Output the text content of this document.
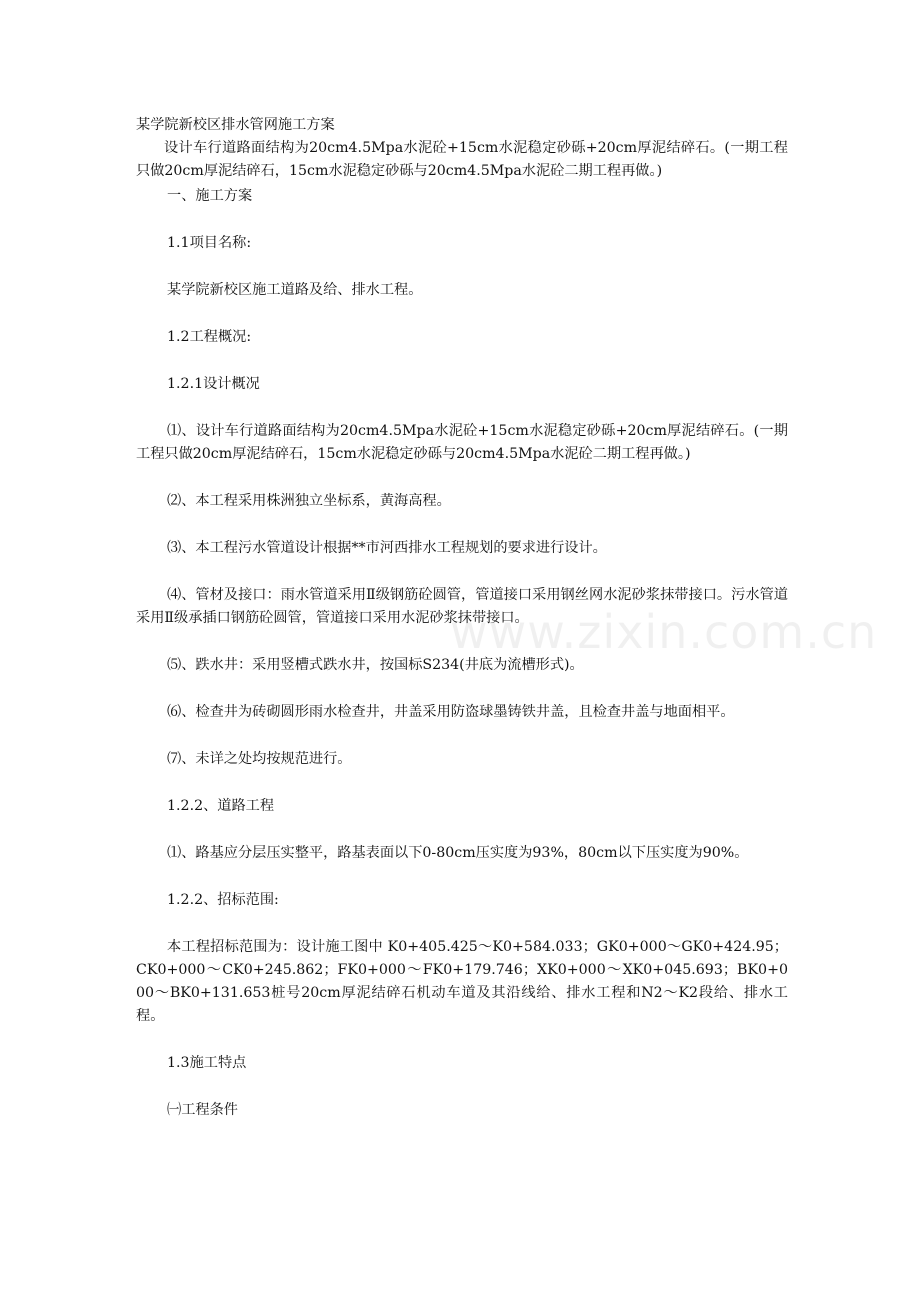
www.zixin.com.cn

某学院新校区排水管网施工方案

设计车行道路面结构为20cm4.5Mpa水泥砼+15cm水泥稳定砂砾+20cm厚泥结碎石。(一期工程只做20cm厚泥结碎石，15cm水泥稳定砂砾与20cm4.5Mpa水泥砼二期工程再做。)

一、施工方案

1.1项目名称:

某学院新校区施工道路及给、排水工程。

1.2工程概况:

1.2.1设计概况

⑴、设计车行道路面结构为20cm4.5Mpa水泥砼+15cm水泥稳定砂砾+20cm厚泥结碎石。(一期工程只做20cm厚泥结碎石，15cm水泥稳定砂砾与20cm4.5Mpa水泥砼二期工程再做。)

⑵、本工程采用株洲独立坐标系，黄海高程。

⑶、本工程污水管道设计根据**市河西排水工程规划的要求进行设计。

⑷、管材及接口：雨水管道采用Ⅱ级钢筋砼圆管，管道接口采用钢丝网水泥砂浆抹带接口。污水管道采用Ⅱ级承插口钢筋砼圆管，管道接口采用水泥砂浆抹带接口。

⑸、跌水井：采用竖槽式跌水井，按国标S234(井底为流槽形式)。

⑹、检查井为砖砌圆形雨水检查井，井盖采用防盗球墨铸铁井盖，且检查井盖与地面相平。

⑺、未详之处均按规范进行。

1.2.2、道路工程

⑴、路基应分层压实整平，路基表面以下0-80cm压实度为93%，80cm以下压实度为90%。

1.2.2、招标范围:

本工程招标范围为：设计施工图中 K0+405.425～K0+584.033；GK0+000～GK0+424.95；CK0+000～CK0+245.862；FK0+000～FK0+179.746；XK0+000～XK0+045.693；BK0+000～BK0+131.653桩号20cm厚泥结碎石机动车道及其沿线给、排水工程和N2～K2段给、排水工程。

1.3施工特点

㈠工程条件
